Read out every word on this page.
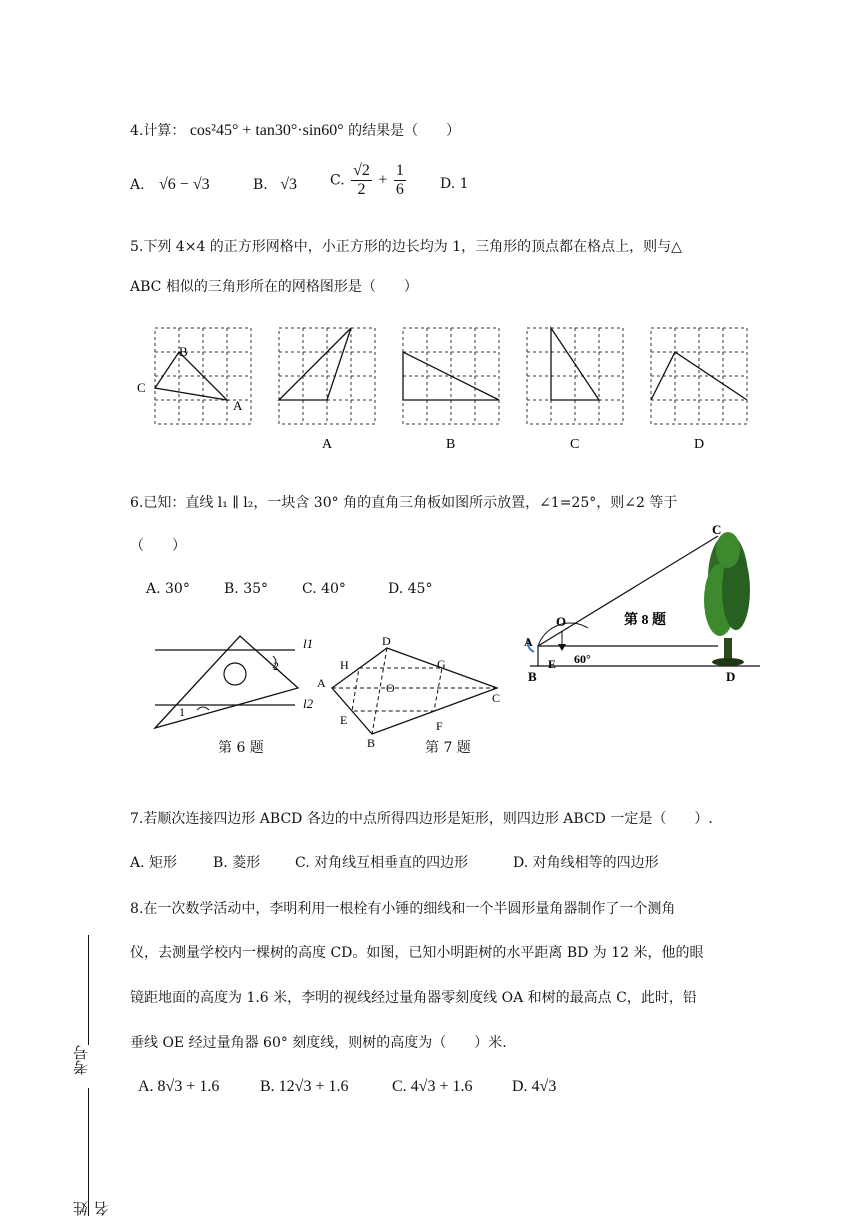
4.计算： cos²45° + tan30°·sin60° 的结果是（　　）
A. √6 − √3	B. √3 C. $\frac{√2}{2} + \frac{1}{6} D$. 1
5.下列 4×4 的正方形网格中，小正方形的边长均为 1，三角形的顶点都在格点上，则与△
ABC 相似的三角形所在的网格图形是（　　）
B
C
A
A	B	C	D
6.已知：直线 l₁ ∥ l₂，一块含 30° 角的直角三角板如图所示放置，∠1=25°，则∠2 等于
（　　）
A. 30° B. 35° C. 40°	D. 45°
l1
l2
1
2
第 6 题
D
H	G
A	O
C
E	F
B	第 7 题
C
O
A
E
B	D
60°
第 8 题
7.若顺次连接四边形 ABCD 各边的中点所得四边形是矩形，则四边形 ABCD 一定是（　　）.
A. 矩形	B. 菱形 C. 对角线互相垂直的四边形	D. 对角线相等的四边形
8.在一次数学活动中，李明利用一根栓有小锤的细线和一个半圆形量角器制作了一个测角
仪，去测量学校内一棵树的高度 CD。如图，已知小明距树的水平距离 BD 为 12 米，他的眼
镜距地面的高度为 1.6 米，李明的视线经过量角器零刻度线 OA 和树的最高点 C，此时，铅
垂线 OE 经过量角器 60° 刻度线，则树的高度为（　　）米.
A. 8√3 + 1.6	B. 12√3 + 1.6	C. 4√3 + 1.6 D. 4√3
考号
姓名
